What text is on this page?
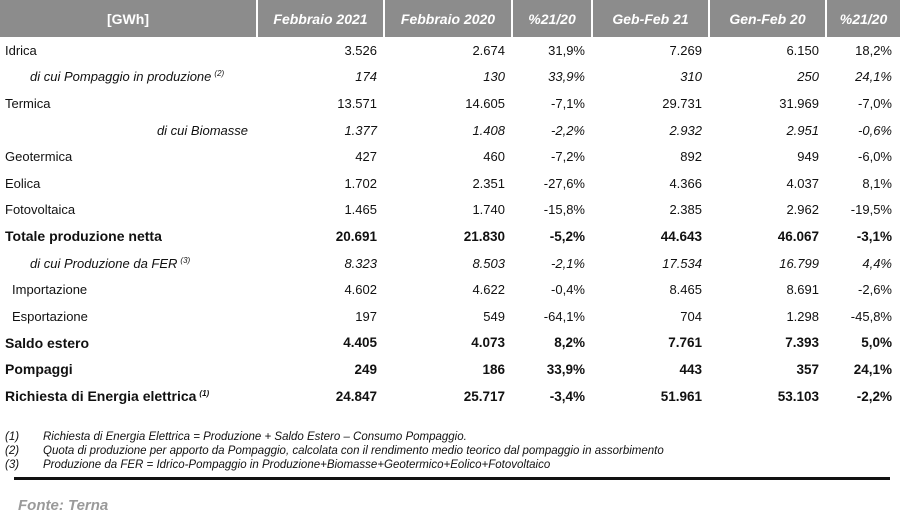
[GWh]	Febbraio 2021	Febbraio 2020	%21/20	Geb-Feb 21	Gen-Feb 20	%21/20
Idrica	3.526	2.674	31,9%	7.269	6.150	18,2%
di cui Pompaggio in produzione $^{(2)}$	174	130	33,9%	310	250	24,1%
Termica	13.571	14.605	-7,1%	29.731	31.969	-7,0%
di cui Biomasse	1.377	1.408	-2,2%	2.932	2.951	-0,6%
Geotermica	427	460	-7,2%	892	949	-6,0%
Eolica	1.702	2.351	-27,6%	4.366	4.037	8,1%
Fotovoltaica	1.465	1.740	-15,8%	2.385	2.962	-19,5%
Totale produzione netta	20.691	21.830	-5,2%	44.643	46.067	-3,1%
di cui Produzione da FER $^{(3)}$	8.323	8.503	-2,1%	17.534	16.799	4,4%
Importazione	4.602	4.622	-0,4%	8.465	8.691	-2,6%
Esportazione	197	549	-64,1%	704	1.298	-45,8%
Saldo estero	4.405	4.073	8,2%	7.761	7.393	5,0%
Pompaggi	249	186	33,9%	443	357	24,1%
Richiesta di Energia elettrica $^{(1)}$	24.847	25.717	-3,4%	51.961	53.103	-2,2%
(1)	Richiesta di Energia Elettrica = Produzione + Saldo Estero – Consumo Pompaggio.
(2)	Quota di produzione per apporto da Pompaggio, calcolata con il rendimento medio teorico dal pompaggio in assorbimento
(3)	Produzione da FER = Idrico-Pompaggio in Produzione+Biomasse+Geotermico+Eolico+Fotovoltaico
Fonte: Terna
